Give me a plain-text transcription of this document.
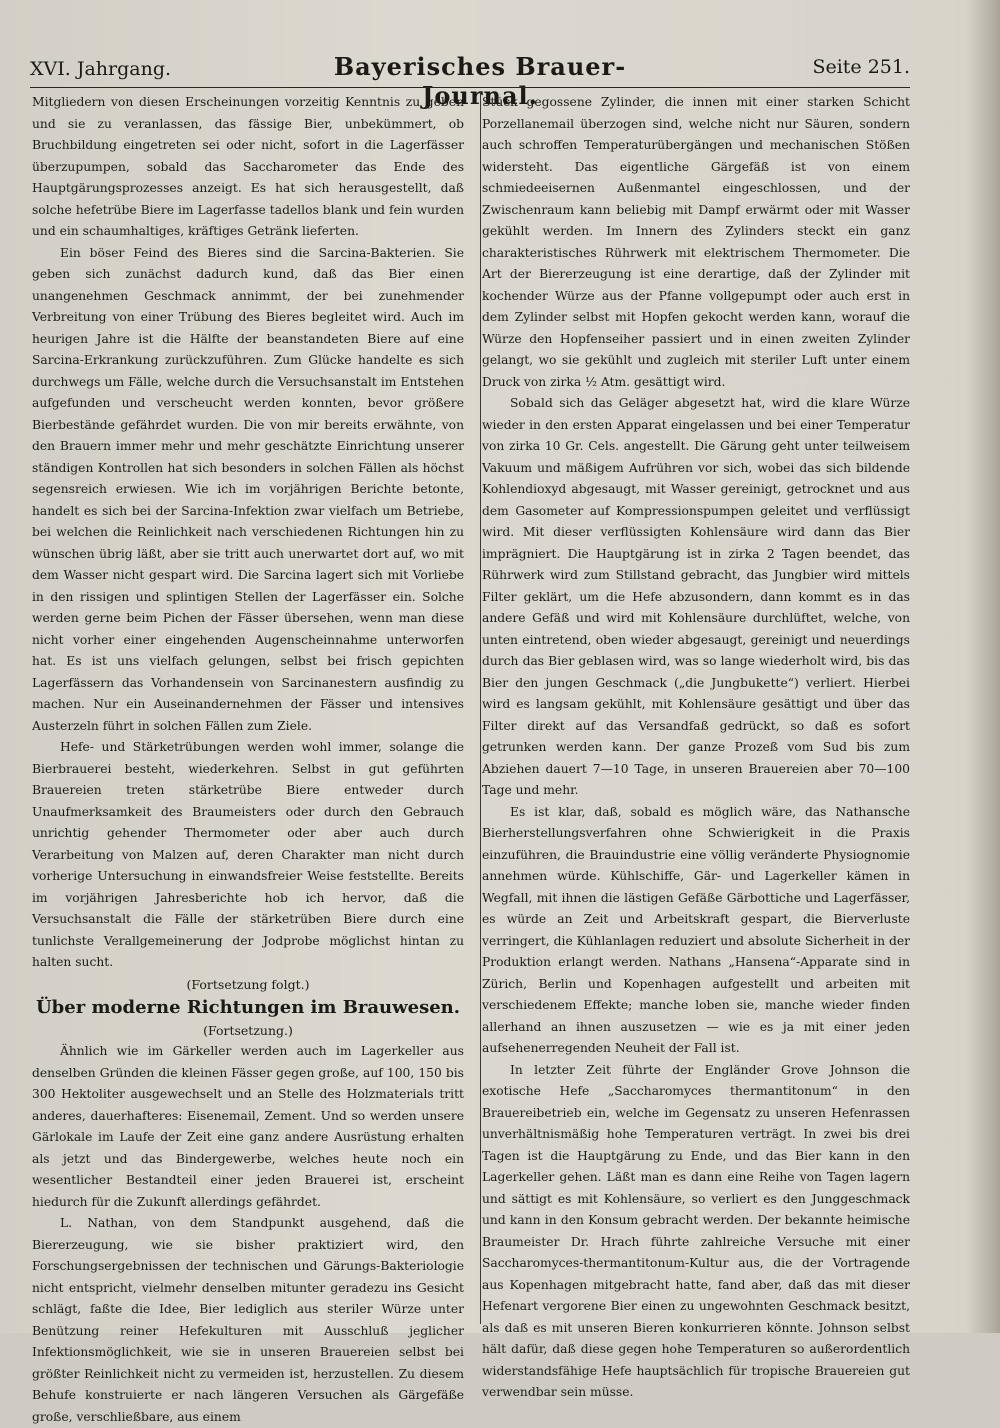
XVI. Jahrgang.	Bayerisches Brauer-Journal.
Seite 251.

Mitgliedern von diesen Erscheinungen vorzeitig Kenntnis zu geben und sie zu veranlassen, das fässige Bier, unbekümmert, ob Bruchbildung eingetreten sei oder nicht, sofort in die Lagerfässer überzupumpen, sobald das Saccharometer das Ende des Hauptgärungsprozesses anzeigt. Es hat sich herausgestellt, daß solche hefetrübe Biere im Lagerfasse tadellos blank und fein wurden und ein schaumhaltiges, kräftiges Getränk lieferten.

Ein böser Feind des Bieres sind die Sarcina-Bakterien. Sie geben sich zunächst dadurch kund, daß das Bier einen unangenehmen Geschmack annimmt, der bei zunehmender Verbreitung von einer Trübung des Bieres begleitet wird. Auch im heurigen Jahre ist die Hälfte der beanstandeten Biere auf eine Sarcina-Erkrankung zurückzuführen. Zum Glücke handelte es sich durchwegs um Fälle, welche durch die Versuchsanstalt im Entstehen aufgefunden und verscheucht werden konnten, bevor größere Bierbestände gefährdet wurden. Die von mir bereits erwähnte, von den Brauern immer mehr und mehr geschätzte Einrichtung unserer ständigen Kontrollen hat sich besonders in solchen Fällen als höchst segensreich erwiesen. Wie ich im vorjährigen Berichte betonte, handelt es sich bei der Sarcina-Infektion zwar vielfach um Betriebe, bei welchen die Reinlichkeit nach verschiedenen Richtungen hin zu wünschen übrig läßt, aber sie tritt auch unerwartet dort auf, wo mit dem Wasser nicht gespart wird. Die Sarcina lagert sich mit Vorliebe in den rissigen und splintigen Stellen der Lagerfässer ein. Solche werden gerne beim Pichen der Fässer übersehen, wenn man diese nicht vorher einer eingehenden Augenscheinnahme unterworfen hat. Es ist uns vielfach gelungen, selbst bei frisch gepichten Lagerfässern das Vorhandensein von Sarcinanestern ausfindig zu machen. Nur ein Auseinandernehmen der Fässer und intensives Austerzeln führt in solchen Fällen zum Ziele.

Hefe- und Stärketrübungen werden wohl immer, solange die Bierbrauerei besteht, wiederkehren. Selbst in gut geführten Brauereien treten stärketrübe Biere entweder durch Unaufmerksamkeit des Braumeisters oder durch den Gebrauch unrichtig gehender Thermometer oder aber auch durch Verarbeitung von Malzen auf, deren Charakter man nicht durch vorherige Untersuchung in einwandsfreier Weise feststellte. Bereits im vorjährigen Jahresberichte hob ich hervor, daß die Versuchsanstalt die Fälle der stärketrüben Biere durch eine tunlichste Verallgemeinerung der Jodprobe möglichst hintan zu halten sucht.

(Fortsetzung folgt.)

Über moderne Richtungen im Brauwesen.

(Fortsetzung.)

Ähnlich wie im Gärkeller werden auch im Lagerkeller aus denselben Gründen die kleinen Fässer gegen große, auf 100, 150 bis 300 Hektoliter ausgewechselt und an Stelle des Holzmaterials tritt anderes, dauerhafteres: Eisenemail, Zement. Und so werden unsere Gärlokale im Laufe der Zeit eine ganz andere Ausrüstung erhalten als jetzt und das Bindergewerbe, welches heute noch ein wesentlicher Bestandteil einer jeden Brauerei ist, erscheint hiedurch für die Zukunft allerdings gefährdet.

L. Nathan, von dem Standpunkt ausgehend, daß die Biererzeugung, wie sie bisher praktiziert wird, den Forschungsergebnissen der technischen und Gärungs-Bakteriologie nicht entspricht, vielmehr denselben mitunter geradezu ins Gesicht schlägt, faßte die Idee, Bier lediglich aus steriler Würze unter Benützung reiner Hefekulturen mit Ausschluß jeglicher Infektionsmöglichkeit, wie sie in unseren Brauereien selbst bei größter Reinlichkeit nicht zu vermeiden ist, herzustellen. Zu diesem Behufe konstruierte er nach längeren Versuchen als Gärgefäße große, verschließbare, aus einem

Stück gegossene Zylinder, die innen mit einer starken Schicht Porzellanemail überzogen sind, welche nicht nur Säuren, sondern auch schroffen Temperaturübergängen und mechanischen Stößen widersteht. Das eigentliche Gärgefäß ist von einem schmiedeeisernen Außenmantel eingeschlossen, und der Zwischenraum kann beliebig mit Dampf erwärmt oder mit Wasser gekühlt werden. Im Innern des Zylinders steckt ein ganz charakteristisches Rührwerk mit elektrischem Thermometer. Die Art der Biererzeugung ist eine derartige, daß der Zylinder mit kochender Würze aus der Pfanne vollgepumpt oder auch erst in dem Zylinder selbst mit Hopfen gekocht werden kann, worauf die Würze den Hopfenseiher passiert und in einen zweiten Zylinder gelangt, wo sie gekühlt und zugleich mit steriler Luft unter einem Druck von zirka ½ Atm. gesättigt wird.

Sobald sich das Geläger abgesetzt hat, wird die klare Würze wieder in den ersten Apparat eingelassen und bei einer Temperatur von zirka 10 Gr. Cels. angestellt. Die Gärung geht unter teilweisem Vakuum und mäßigem Aufrühren vor sich, wobei das sich bildende Kohlendioxyd abgesaugt, mit Wasser gereinigt, getrocknet und aus dem Gasometer auf Kompressionspumpen geleitet und verflüssigt wird. Mit dieser verflüssigten Kohlensäure wird dann das Bier imprägniert. Die Hauptgärung ist in zirka 2 Tagen beendet, das Rührwerk wird zum Stillstand gebracht, das Jungbier wird mittels Filter geklärt, um die Hefe abzusondern, dann kommt es in das andere Gefäß und wird mit Kohlensäure durchlüftet, welche, von unten eintretend, oben wieder abgesaugt, gereinigt und neuerdings durch das Bier geblasen wird, was so lange wiederholt wird, bis das Bier den jungen Geschmack („die Jungbukette“) verliert. Hierbei wird es langsam gekühlt, mit Kohlensäure gesättigt und über das Filter direkt auf das Versandfaß gedrückt, so daß es sofort getrunken werden kann. Der ganze Prozeß vom Sud bis zum Abziehen dauert 7—10 Tage, in unseren Brauereien aber 70—100 Tage und mehr.

Es ist klar, daß, sobald es möglich wäre, das Nathansche Bierherstellungsverfahren ohne Schwierigkeit in die Praxis einzuführen, die Brauindustrie eine völlig veränderte Physiognomie annehmen würde. Kühlschiffe, Gär- und Lagerkeller kämen in Wegfall, mit ihnen die lästigen Gefäße Gärbottiche und Lagerfässer, es würde an Zeit und Arbeitskraft gespart, die Bierverluste verringert, die Kühlanlagen reduziert und absolute Sicherheit in der Produktion erlangt werden. Nathans „Hansena“-Apparate sind in Zürich, Berlin und Kopenhagen aufgestellt und arbeiten mit verschiedenem Effekte; manche loben sie, manche wieder finden allerhand an ihnen auszusetzen — wie es ja mit einer jeden aufsehenerregenden Neuheit der Fall ist.

In letzter Zeit führte der Engländer Grove Johnson die exotische Hefe „Saccharomyces thermantitonum“ in den Brauereibetrieb ein, welche im Gegensatz zu unseren Hefenrassen unverhältnismäßig hohe Temperaturen verträgt. In zwei bis drei Tagen ist die Hauptgärung zu Ende, und das Bier kann in den Lagerkeller gehen. Läßt man es dann eine Reihe von Tagen lagern und sättigt es mit Kohlensäure, so verliert es den Junggeschmack und kann in den Konsum gebracht werden. Der bekannte heimische Braumeister Dr. Hrach führte zahlreiche Versuche mit einer Saccharomyces-thermantitonum-Kultur aus, die der Vortragende aus Kopenhagen mitgebracht hatte, fand aber, daß das mit dieser Hefenart vergorene Bier einen zu ungewohnten Geschmack besitzt, als daß es mit unseren Bieren konkurrieren könnte. Johnson selbst hält dafür, daß diese gegen hohe Temperaturen so außerordentlich widerstandsfähige Hefe hauptsächlich für tropische Brauereien gut verwendbar sein müsse.
